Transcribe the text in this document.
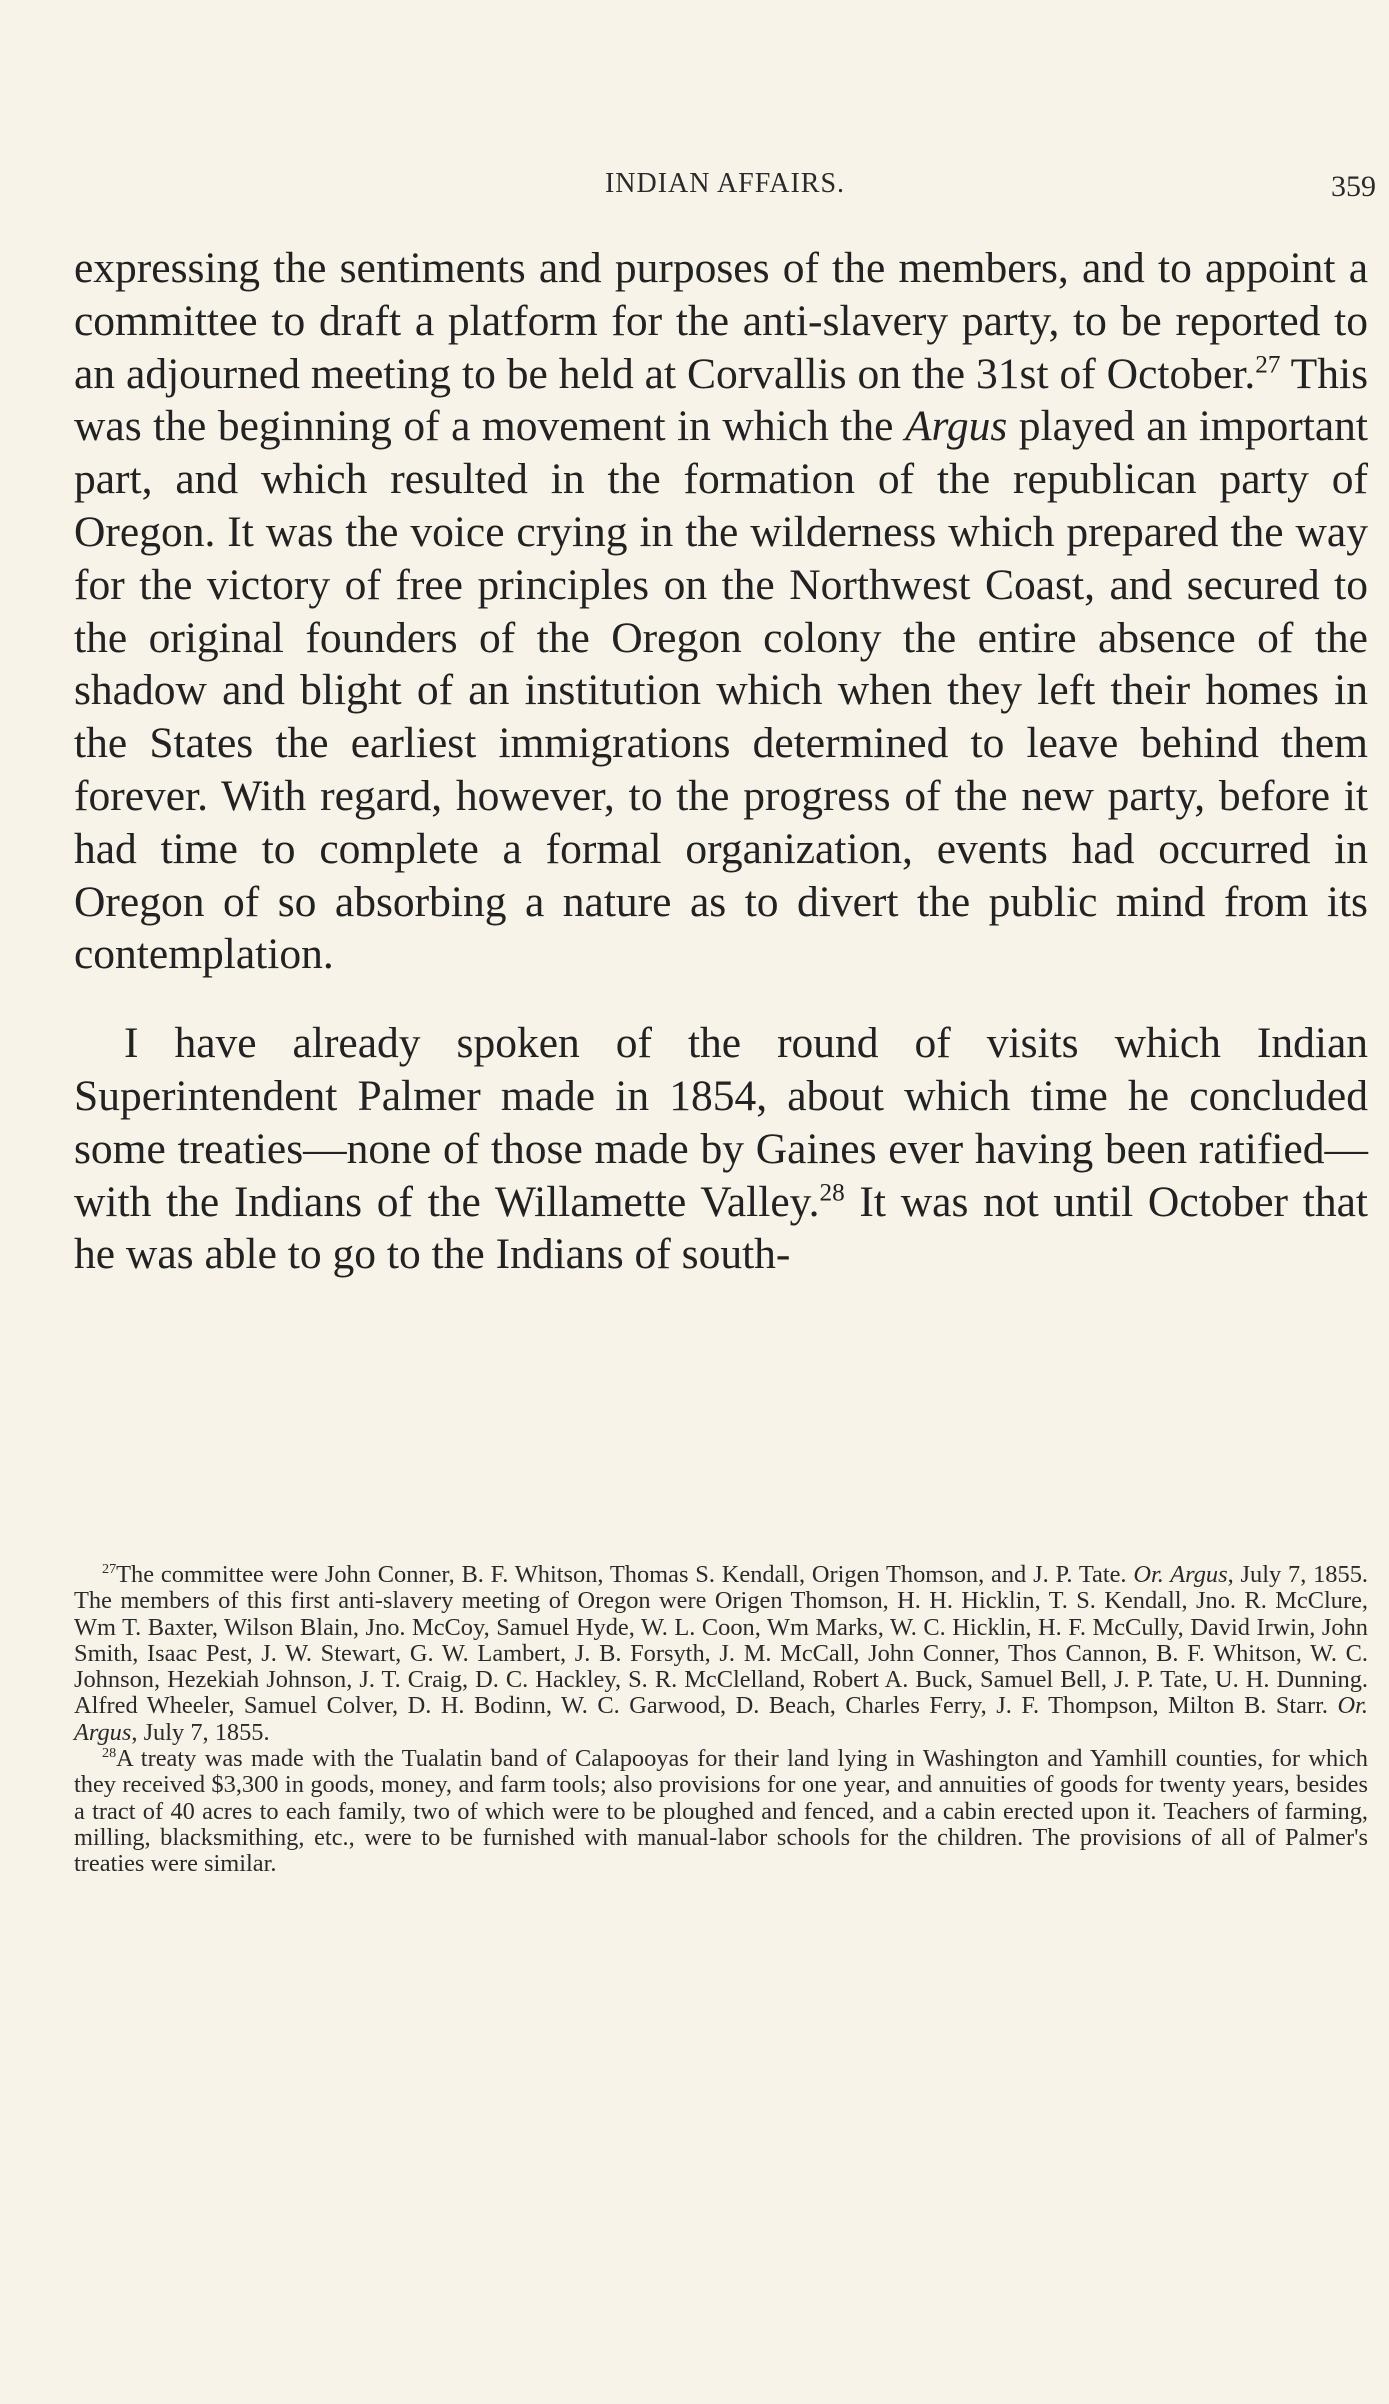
INDIAN AFFAIRS.	359

expressing the sentiments and purposes of the members, and to appoint a committee to draft a platform for the anti-slavery party, to be reported to an adjourned meeting to be held at Corvallis on the 31st of October.$^{27}$ This was the beginning of a movement in which the Argus played an important part, and which resulted in the formation of the republican party of Oregon. It was the voice crying in the wilderness which prepared the way for the victory of free principles on the Northwest Coast, and secured to the original founders of the Oregon colony the entire absence of the shadow and blight of an institution which when they left their homes in the States the earliest immigrations determined to leave behind them forever. With regard, however, to the progress of the new party, before it had time to complete a formal organization, events had occurred in Oregon of so absorbing a nature as to divert the public mind from its contemplation.

I have already spoken of the round of visits which Indian Superintendent Palmer made in 1854, about which time he concluded some treaties—none of those made by Gaines ever having been ratified—with the Indians of the Willamette Valley.$^{28}$ It was not until October that he was able to go to the Indians of south-

$^{27}$The committee were John Conner, B. F. Whitson, Thomas S. Kendall, Origen Thomson, and J. P. Tate. Or. Argus, July 7, 1855. The members of this first anti-slavery meeting of Oregon were Origen Thomson, H. H. Hicklin, T. S. Kendall, Jno. R. McClure, Wm T. Baxter, Wilson Blain, Jno. McCoy, Samuel Hyde, W. L. Coon, Wm Marks, W. C. Hicklin, H. F. McCully, David Irwin, John Smith, Isaac Pest, J. W. Stewart, G. W. Lambert, J. B. Forsyth, J. M. McCall, John Conner, Thos Cannon, B. F. Whitson, W. C. Johnson, Hezekiah Johnson, J. T. Craig, D. C. Hackley, S. R. McClelland, Robert A. Buck, Samuel Bell, J. P. Tate, U. H. Dunning. Alfred Wheeler, Samuel Colver, D. H. Bodinn, W. C. Garwood, D. Beach, Charles Ferry, J. F. Thompson, Milton B. Starr. Or. Argus, July 7, 1855.

$^{28}$A treaty was made with the Tualatin band of Calapooyas for their land lying in Washington and Yamhill counties, for which they received $3,300 in goods, money, and farm tools; also provisions for one year, and annuities of goods for twenty years, besides a tract of 40 acres to each family, two of which were to be ploughed and fenced, and a cabin erected upon it. Teachers of farming, milling, blacksmithing, etc., were to be furnished with manual-labor schools for the children. The provisions of all of Palmer's treaties were similar.
